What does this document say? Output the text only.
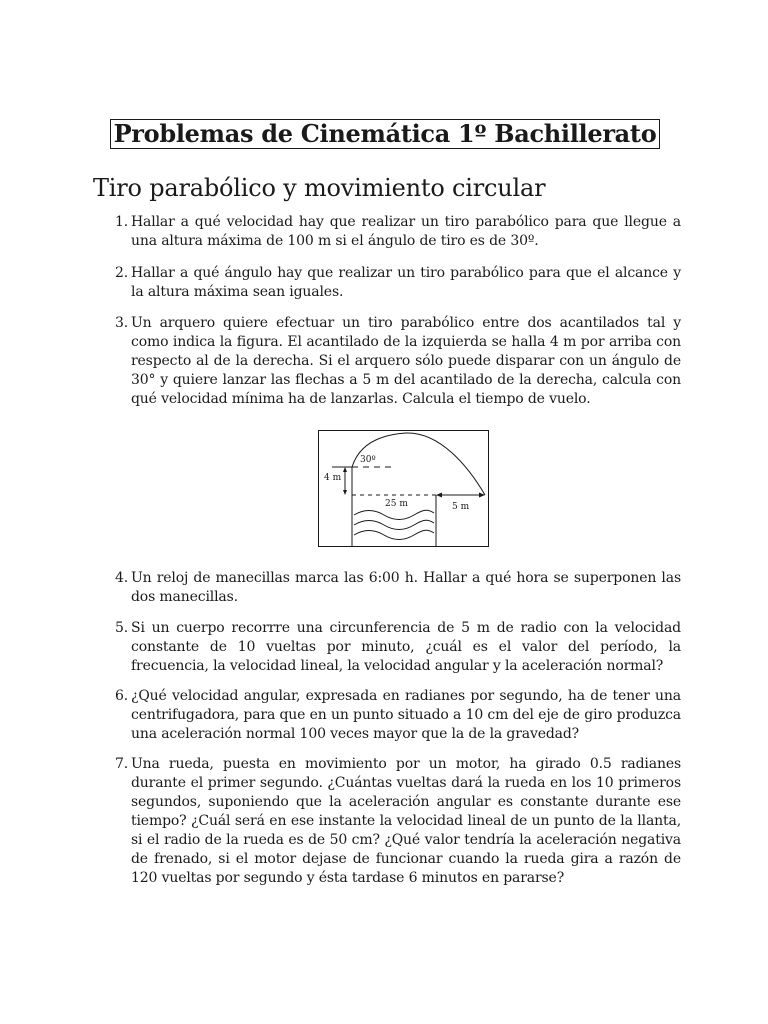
Problemas de Cinemática 1º Bachillerato
Tiro parabólico y movimiento circular
1. Hallar a qué velocidad hay que realizar un tiro parabólico para que llegue a una altura máxima de 100 m si el ángulo de tiro es de 30º.
2. Hallar a qué ángulo hay que realizar un tiro parabólico para que el alcance y la altura máxima sean iguales.
3. Un arquero quiere efectuar un tiro parabólico entre dos acantilados tal y como indica la figura. El acantilado de la izquierda se halla 4 m por arriba con respecto al de la derecha. Si el arquero sólo puede disparar con un ángulo de 30° y quiere lanzar las flechas a 5 m del acantilado de la derecha, calcula con qué velocidad mínima ha de lanzarlas. Calcula el tiempo de vuelo.
30º
4 m
25 m	5 m
4. Un reloj de manecillas marca las 6:00 h. Hallar a qué hora se superponen las dos manecillas.
5. Si un cuerpo recorrre una circunferencia de 5 m de radio con la velocidad constante de 10 vueltas por minuto, ¿cuál es el valor del período, la frecuencia, la velocidad lineal, la velocidad angular y la aceleración normal?
6. ¿Qué velocidad angular, expresada en radianes por segundo, ha de tener una centrifugadora, para que en un punto situado a 10 cm del eje de giro produzca una aceleración normal 100 veces mayor que la de la gravedad?
7. Una rueda, puesta en movimiento por un motor, ha girado 0.5 radianes durante el primer segundo. ¿Cuántas vueltas dará la rueda en los 10 primeros segundos, suponiendo que la aceleración angular es constante durante ese tiempo? ¿Cuál será en ese instante la velocidad lineal de un punto de la llanta, si el radio de la rueda es de 50 cm? ¿Qué valor tendría la aceleración negativa de frenado, si el motor dejase de funcionar cuando la rueda gira a razón de 120 vueltas por segundo y ésta tardase 6 minutos en pararse?
